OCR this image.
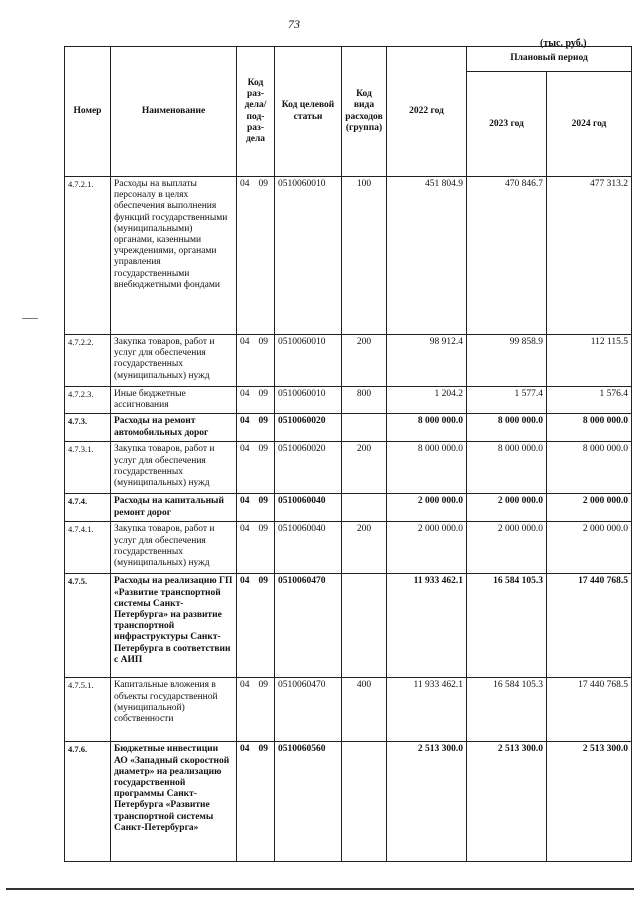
73
(тыс. руб.)
Номер	Наименование	Код раз-дела/ под-раз-дела	Код целевой статьи	Код вида расходов (группа)	2022 год	Плановый период	
						2023 год	2024 год
4.7.2.1.	Расходы на выплаты персоналу в целях обеспечения выполнения функций государственными (муниципальными) органами, казенными учреждениями, органами управления государственными внебюджетными фондами	04 09	0510060010	100	451 804.9	470 846.7	477 313.2
4.7.2.2.	Закупка товаров, работ и услуг для обеспечения государственных (муниципальных) нужд	04 09	0510060010	200	98 912.4	99 858.9	112 115.5
4.7.2.3.	Иные бюджетные ассигнования	04 09	0510060010	800	1 204.2	1 577.4	1 576.4
4.7.3.	Расходы на ремонт автомобильных дорог	04 09	0510060020		8 000 000.0	8 000 000.0	8 000 000.0
4.7.3.1.	Закупка товаров, работ и услуг для обеспечения государственных (муниципальных) нужд	04 09	0510060020	200	8 000 000.0	8 000 000.0	8 000 000.0
4.7.4.	Расходы на капитальный ремонт дорог	04 09	0510060040		2 000 000.0	2 000 000.0	2 000 000.0
4.7.4.1.	Закупка товаров, работ и услуг для обеспечения государственных (муниципальных) нужд	04 09	0510060040	200	2 000 000.0	2 000 000.0	2 000 000.0
4.7.5.	Расходы на реализацию ГП «Развитие транспортной системы Санкт-Петербурга» на развитие транспортной инфраструктуры Санкт-Петербурга в соответствии с АИП	04 09	0510060470		11 933 462.1	16 584 105.3	17 440 768.5
4.7.5.1.	Капитальные вложения в объекты государственной (муниципальной) собственности	04 09	0510060470	400	11 933 462.1	16 584 105.3	17 440 768.5
4.7.6.	Бюджетные инвестиции АО «Западный скоростной диаметр» на реализацию государственной программы Санкт-Петербурга «Развитие транспортной системы Санкт-Петербурга»	04 09	0510060560		2 513 300.0	2 513 300.0	2 513 300.0
